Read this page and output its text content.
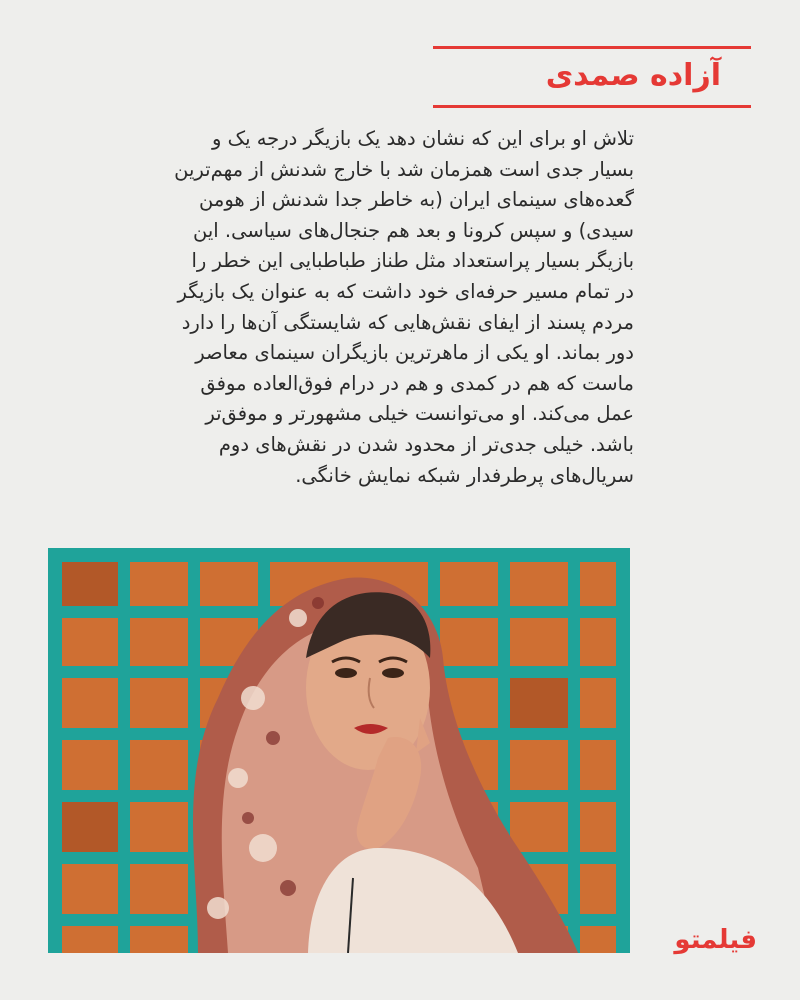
آزاده صمدی
تلاش او برای این که نشان دهد یک بازیگر درجه یک و
بسیار جدی است همزمان شد با خارج شدنش از مهم‌ترین
گعده‌های سینمای ایران (به خاطر جدا شدنش از هومن
سیدی) و سپس کرونا و بعد هم جنجال‌های سیاسی. این
بازیگر بسیار پراستعداد مثل طناز طباطبایی این خطر را
در تمام مسیر حرفه‌ای خود داشت که به عنوان یک بازیگر
مردم پسند از ایفای نقش‌هایی که شایستگی آن‌ها را دارد
دور بماند. او یکی از ماهرترین بازیگران سینمای معاصر
ماست که هم در کمدی و هم در درام فوق‌العاده موفق
عمل می‌کند. او می‌توانست خیلی مشهورتر و موفق‌تر
باشد. خیلی جدی‌تر از محدود شدن در نقش‌های دوم
سریال‌های پرطرفدار شبکه نمایش خانگی.
فیلمتو
